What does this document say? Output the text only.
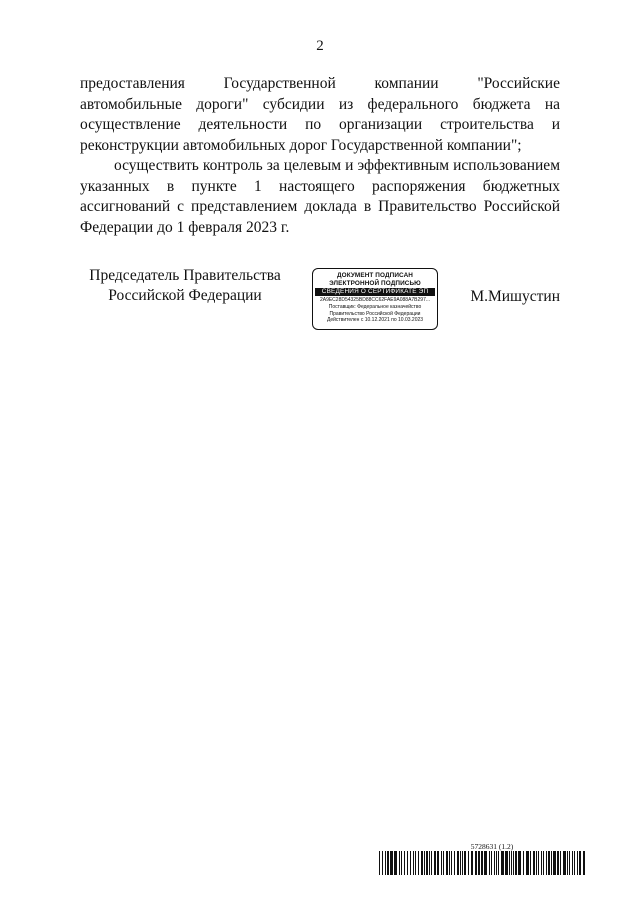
2

предоставления Государственной компании "Российские автомобильные дороги" субсидии из федерального бюджета на осуществление деятельности по организации строительства и реконструкции автомобильных дорог Государственной компании";

осуществить контроль за целевым и эффективным использованием указанных в пункте 1 настоящего распоряжения бюджетных ассигнований с представлением доклада в Правительство Российской Федерации до 1 февраля 2023 г.

Председатель Правительства
Российской Федерации
ДОКУМЕНТ ПОДПИСАН
ЭЛЕКТРОННОЙ ПОДПИСЬЮ
СВЕДЕНИЯ О СЕРТИФИКАТЕ ЭП
2A9EC28D54325BD88CC62FAE9A088A7B297...
Поставщик: Федеральное казначейство
Правительство Российской Федерации
Действителен с 10.12.2021 по 10.03.2023
М.Мишустин
5728631 (1.2)
